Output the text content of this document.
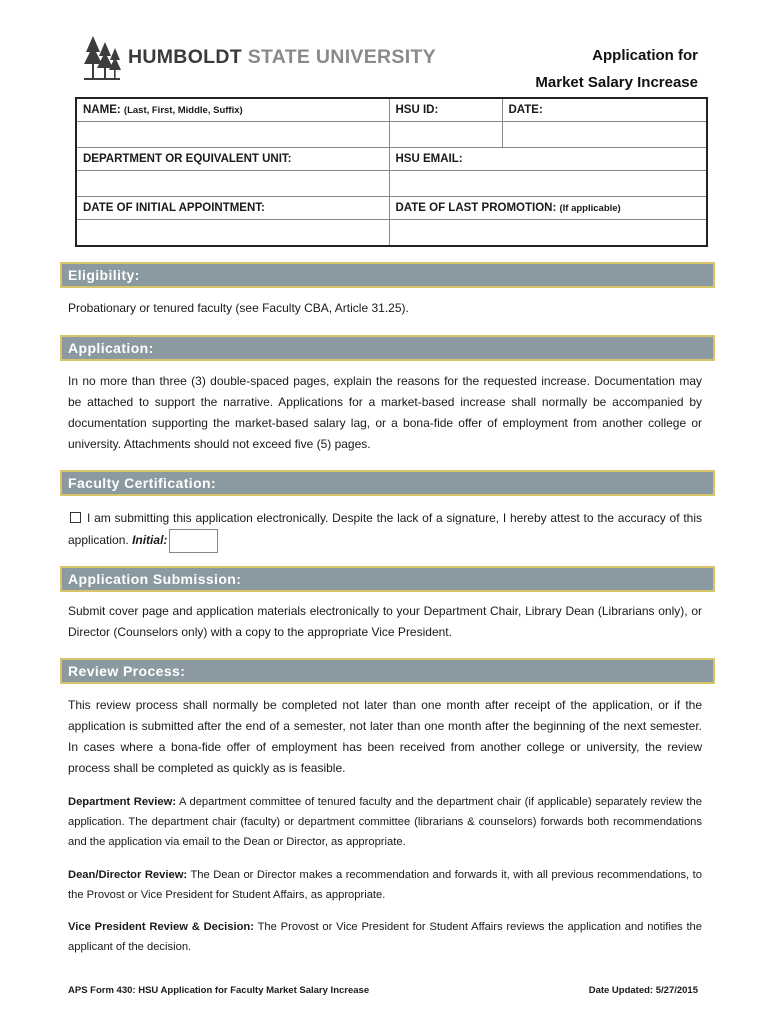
HUMBOLDT STATE UNIVERSITY	Application for
Market Salary Increase
NAME: (Last, First, Middle, Suffix)	HSU ID:	DATE:

DEPARTMENT OR EQUIVALENT UNIT:	HSU EMAIL:	

DATE OF INITIAL APPOINTMENT:	DATE OF LAST PROMOTION: (If applicable)	

Eligibility:
Probationary or tenured faculty (see Faculty CBA, Article 31.25).
Application:
In no more than three (3) double-spaced pages, explain the reasons for the requested increase. Documentation may be attached to support the narrative. Applications for a market-based increase shall normally be accompanied by documentation supporting the market-based salary lag, or a bona-fide offer of employment from another college or university. Attachments should not exceed five (5) pages.
Faculty Certification:
I am submitting this application electronically. Despite the lack of a signature, I hereby attest to the accuracy of this application. Initial:
Application Submission:
Submit cover page and application materials electronically to your Department Chair, Library Dean (Librarians only), or Director (Counselors only) with a copy to the appropriate Vice President.
Review Process:
This review process shall normally be completed not later than one month after receipt of the application, or if the application is submitted after the end of a semester, not later than one month after the beginning of the next semester. In cases where a bona-fide offer of employment has been received from another college or university, the review process shall be completed as quickly as is feasible.
Department Review: A department committee of tenured faculty and the department chair (if applicable) separately review the application. The department chair (faculty) or department committee (librarians & counselors) forwards both recommendations and the application via email to the Dean or Director, as appropriate.
Dean/Director Review: The Dean or Director makes a recommendation and forwards it, with all previous recommendations, to the Provost or Vice President for Student Affairs, as appropriate.
Vice President Review & Decision: The Provost or Vice President for Student Affairs reviews the application and notifies the applicant of the decision.
APS Form 430: HSU Application for Faculty Market Salary Increase	Date Updated: 5/27/2015
